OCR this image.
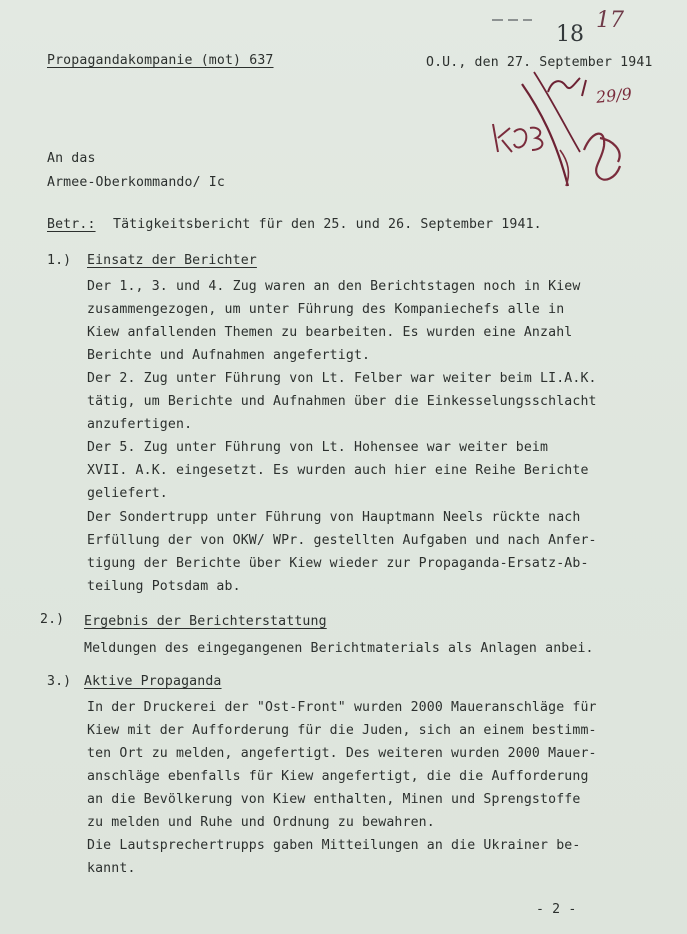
Propagandakompanie (mot) 637	O.U., den 27. September 1941
18
17
29/9
An das
Armee-Oberkommando/ Ic
Betr.: Tätigkeitsbericht für den 25. und 26. September 1941.
1.) Einsatz der Berichter
Der 1., 3. und 4. Zug waren an den Berichtstagen noch in Kiew
zusammengezogen, um unter Führung des Kompaniechefs alle in
Kiew anfallenden Themen zu bearbeiten. Es wurden eine Anzahl
Berichte und Aufnahmen angefertigt.
Der 2. Zug unter Führung von Lt. Felber war weiter beim LI.A.K.
tätig, um Berichte und Aufnahmen über die Einkesselungsschlacht
anzufertigen.
Der 5. Zug unter Führung von Lt. Hohensee war weiter beim
XVII. A.K. eingesetzt. Es wurden auch hier eine Reihe Berichte
geliefert.
Der Sondertrupp unter Führung von Hauptmann Neels rückte nach
Erfüllung der von OKW/ WPr. gestellten Aufgaben und nach Anfer-
tigung der Berichte über Kiew wieder zur Propaganda-Ersatz-Ab-
teilung Potsdam ab.
2.) Ergebnis der Berichterstattung
Meldungen des eingegangenen Berichtmaterials als Anlagen anbei.
3.) Aktive Propaganda
In der Druckerei der "Ost-Front" wurden 2000 Maueranschläge für
Kiew mit der Aufforderung für die Juden, sich an einem bestimm-
ten Ort zu melden, angefertigt. Des weiteren wurden 2000 Mauer-
anschläge ebenfalls für Kiew angefertigt, die die Aufforderung
an die Bevölkerung von Kiew enthalten, Minen und Sprengstoffe
zu melden und Ruhe und Ordnung zu bewahren.
Die Lautsprechertrupps gaben Mitteilungen an die Ukrainer be-
kannt.
- 2 -
